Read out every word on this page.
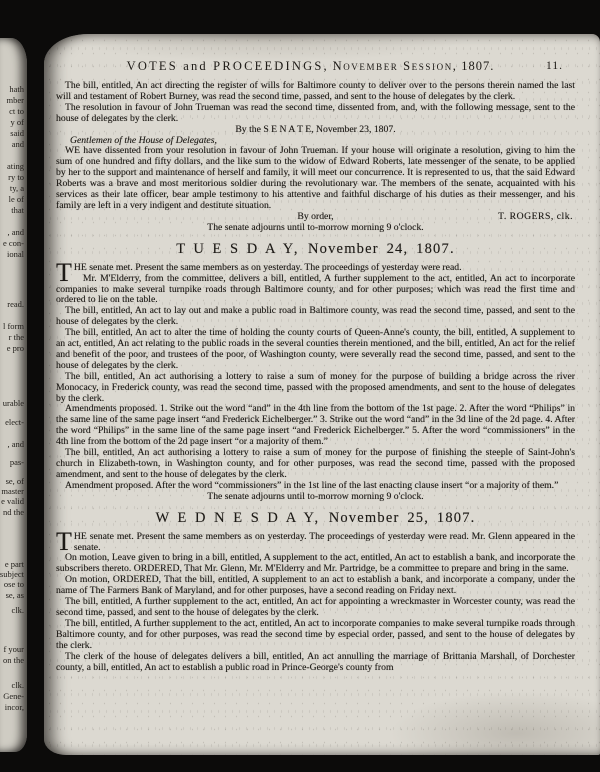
hath
mber
ct to
y of
said
and
ating
ry to
ty, a
le of
that
, and
e con-
ional
read.
l form
r the
e pro
urable
elect-
, and
pas-
se, of
master
e valid
nd the
e part
subject
ose to
se, as
clk.
f your
on the
clk.
Gene-
incor,
VOTES and PROCEEDINGS, November Session, 1807.	11.

The bill, entitled, An act directing the register of wills for Baltimore county to deliver over to the persons therein named the last will and testament of Robert Burney, was read the second time, passed, and sent to the house of delegates by the clerk.

The resolution in favour of John Trueman was read the second time, dissented from, and, with the following message, sent to the house of delegates by the clerk.

By the S E N A T E, November 23, 1807.

Gentlemen of the House of Delegates,

WE have dissented from your resolution in favour of John Trueman. If your house will originate a resolution, giving to him the sum of one hundred and fifty dollars, and the like sum to the widow of Edward Roberts, late messenger of the senate, to be applied by her to the support and maintenance of herself and family, it will meet our concurrence. It is represented to us, that the said Edward Roberts was a brave and most meritorious soldier during the revolutionary war. The members of the senate, acquainted with his services as their late officer, bear ample testimony to his attentive and faithful discharge of his duties as their messenger, and his family are left in a very indigent and destitute situation.

By order,	T. ROGERS, clk.

The senate adjourns until to-morrow morning 9 o'clock.

T U E S D A Y, November 24, 1807.

THE senate met. Present the same members as on yesterday. The proceedings of yesterday were read.

Mr. M'Elderry, from the committee, delivers a bill, entitled, A further supplement to the act, entitled, An act to incorporate companies to make several turnpike roads through Baltimore county, and for other purposes; which was read the first time and ordered to lie on the table.

The bill, entitled, An act to lay out and make a public road in Baltimore county, was read the second time, passed, and sent to the house of delegates by the clerk.

The bill, entitled, An act to alter the time of holding the county courts of Queen-Anne's county, the bill, entitled, A supplement to an act, entitled, An act relating to the public roads in the several counties therein mentioned, and the bill, entitled, An act for the relief and benefit of the poor, and trustees of the poor, of Washington county, were severally read the second time, passed, and sent to the house of delegates by the clerk.

The bill, entitled, An act authorising a lottery to raise a sum of money for the purpose of building a bridge across the river Monocacy, in Frederick county, was read the second time, passed with the proposed amendments, and sent to the house of delegates by the clerk.

Amendments proposed. 1. Strike out the word “and” in the 4th line from the bottom of the 1st page. 2. After the word “Philips” in the same line of the same page insert “and Frederick Eichelberger.” 3. Strike out the word “and” in the 3d line of the 2d page. 4. After the word “Philips” in the same line of the same page insert “and Frederick Eichelberger.” 5. After the word “commissioners” in the 4th line from the bottom of the 2d page insert “or a majority of them.”

The bill, entitled, An act authorising a lottery to raise a sum of money for the purpose of finishing the steeple of Saint-John's church in Elizabeth-town, in Washington county, and for other purposes, was read the second time, passed with the proposed amendment, and sent to the house of delegates by the clerk.

Amendment proposed. After the word “commissioners” in the 1st line of the last enacting clause insert “or a majority of them.”

The senate adjourns until to-morrow morning 9 o'clock.

W E D N E S D A Y, November 25, 1807.

THE senate met. Present the same members as on yesterday. The proceedings of yesterday were read. Mr. Glenn appeared in the senate.

On motion, Leave given to bring in a bill, entitled, A supplement to the act, entitled, An act to establish a bank, and incorporate the subscribers thereto. ORDERED, That Mr. Glenn, Mr. M'Elderry and Mr. Partridge, be a committee to prepare and bring in the same.

On motion, ORDERED, That the bill, entitled, A supplement to an act to establish a bank, and incorporate a company, under the name of The Farmers Bank of Maryland, and for other purposes, have a second reading on Friday next.

The bill, entitled, A further supplement to the act, entitled, An act for appointing a wreckmaster in Worcester county, was read the second time, passed, and sent to the house of delegates by the clerk.

The bill, entitled, A further supplement to the act, entitled, An act to incorporate companies to make several turnpike roads through Baltimore county, and for other purposes, was read the second time by especial order, passed, and sent to the house of delegates by the clerk.

The clerk of the house of delegates delivers a bill, entitled, An act annulling the marriage of Brittania Marshall, of Dorchester county, a bill, entitled, An act to establish a public road in Prince-George's county from
